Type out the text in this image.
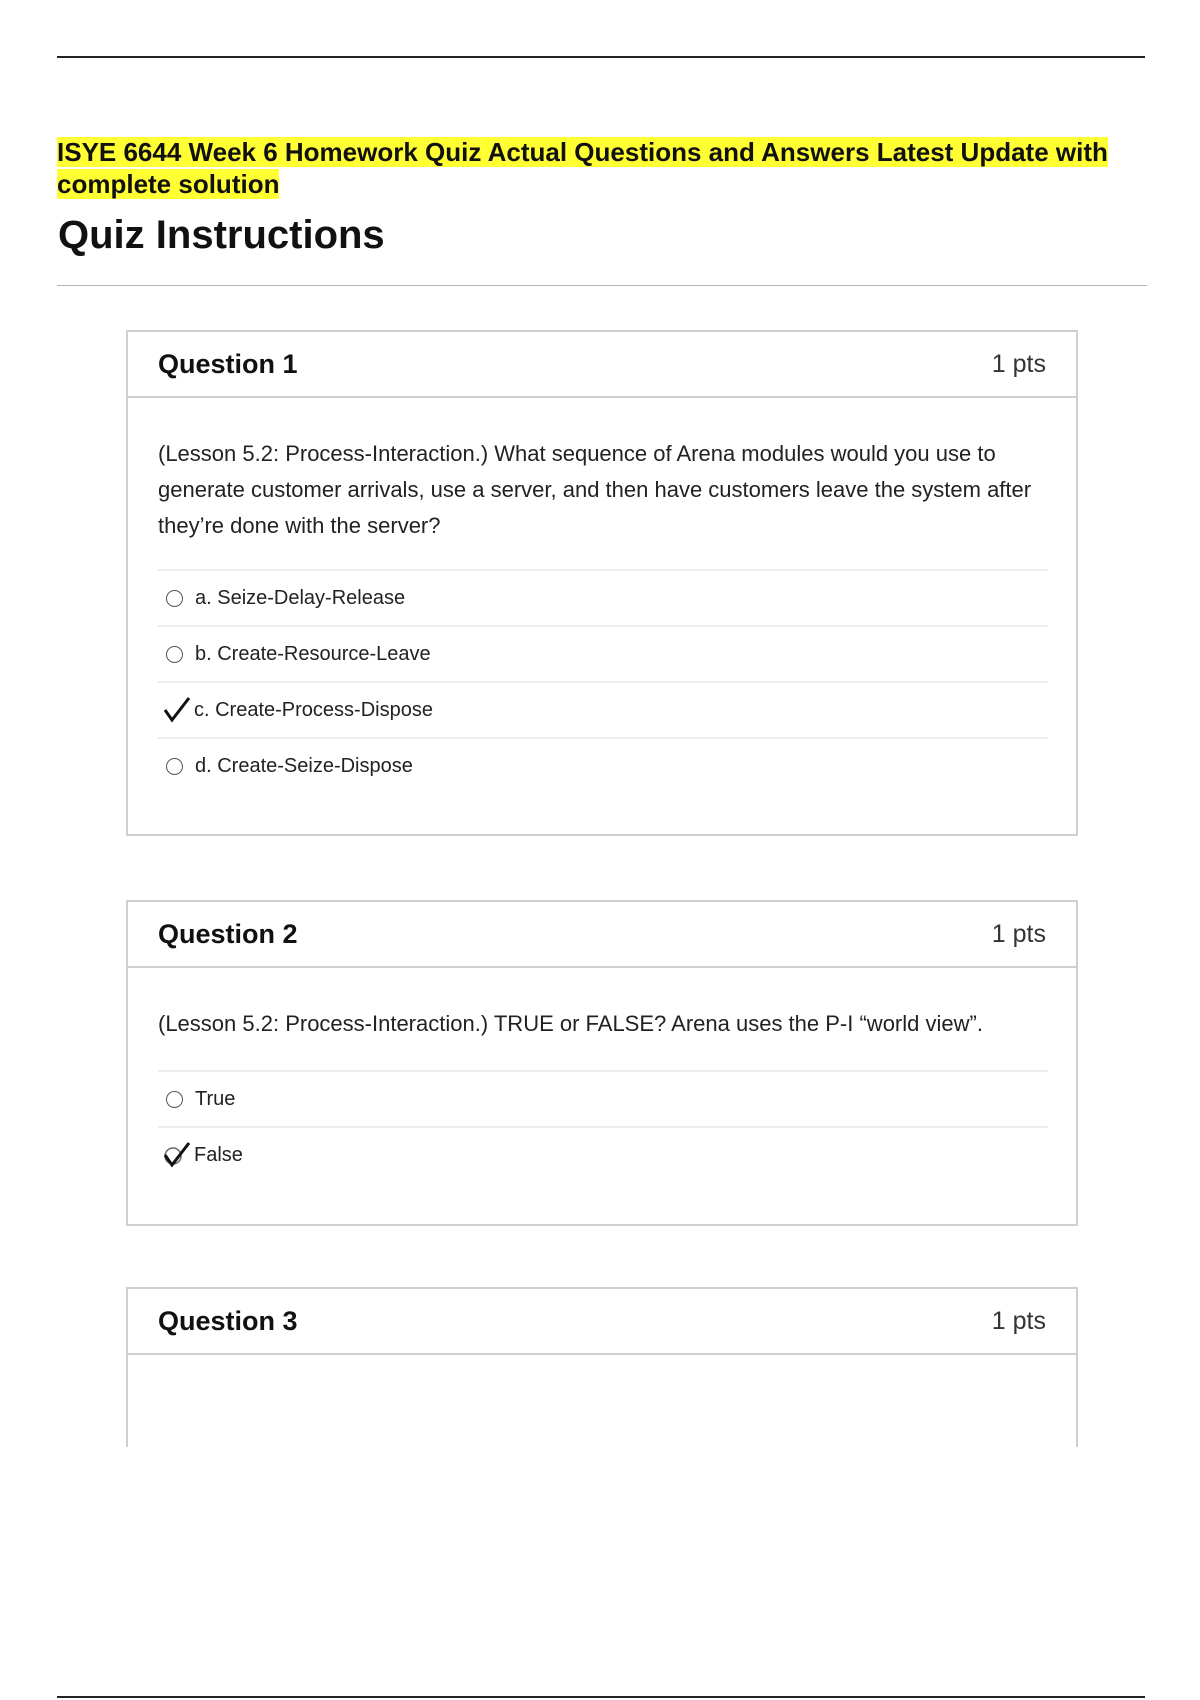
ISYE 6644 Week 6 Homework Quiz Actual Questions and Answers Latest Update with complete solution
Quiz Instructions
Question 1	1 pts

(Lesson 5.2: Process-Interaction.) What sequence of Arena modules would you use to generate customer arrivals, use a server, and then have customers leave the system after they’re done with the server?

a. Seize-Delay-Release
b. Create-Resource-Leave
c. Create-Process-Dispose
d. Create-Seize-Dispose
Question 2	1 pts

(Lesson 5.2: Process-Interaction.) TRUE or FALSE? Arena uses the P-I “world view”.

True
False
Question 3	1 pts
